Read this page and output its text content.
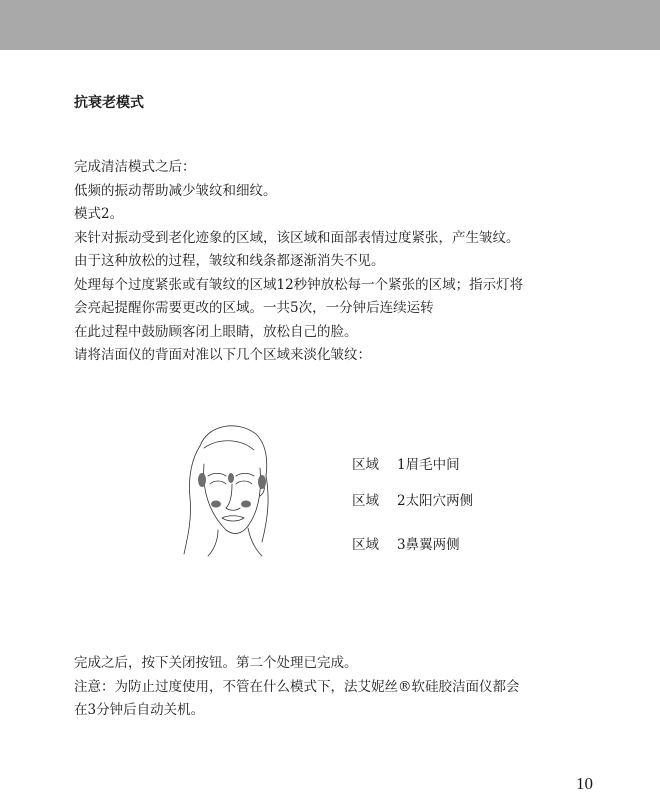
抗衰老模式
完成清洁模式之后：
低频的振动帮助减少皱纹和细纹。
模式2。
来针对振动受到老化迹象的区域，该区域和面部表情过度紧张，产生皱纹。
由于这种放松的过程，皱纹和线条都逐渐消失不见。
处理每个过度紧张或有皱纹的区域12秒钟放松每一个紧张的区域；指示灯将
会亮起提醒你需要更改的区域。一共5次，一分钟后连续运转
在此过程中鼓励顾客闭上眼睛，放松自己的脸。
请将洁面仪的背面对准以下几个区域来淡化皱纹：
区域 1眉毛中间
区域 2太阳穴两侧
区域 3鼻翼两侧
完成之后，按下关闭按钮。第二个处理已完成。
注意：为防止过度使用，不管在什么模式下，法艾妮丝®软硅胶洁面仪都会
在3分钟后自动关机。
10
